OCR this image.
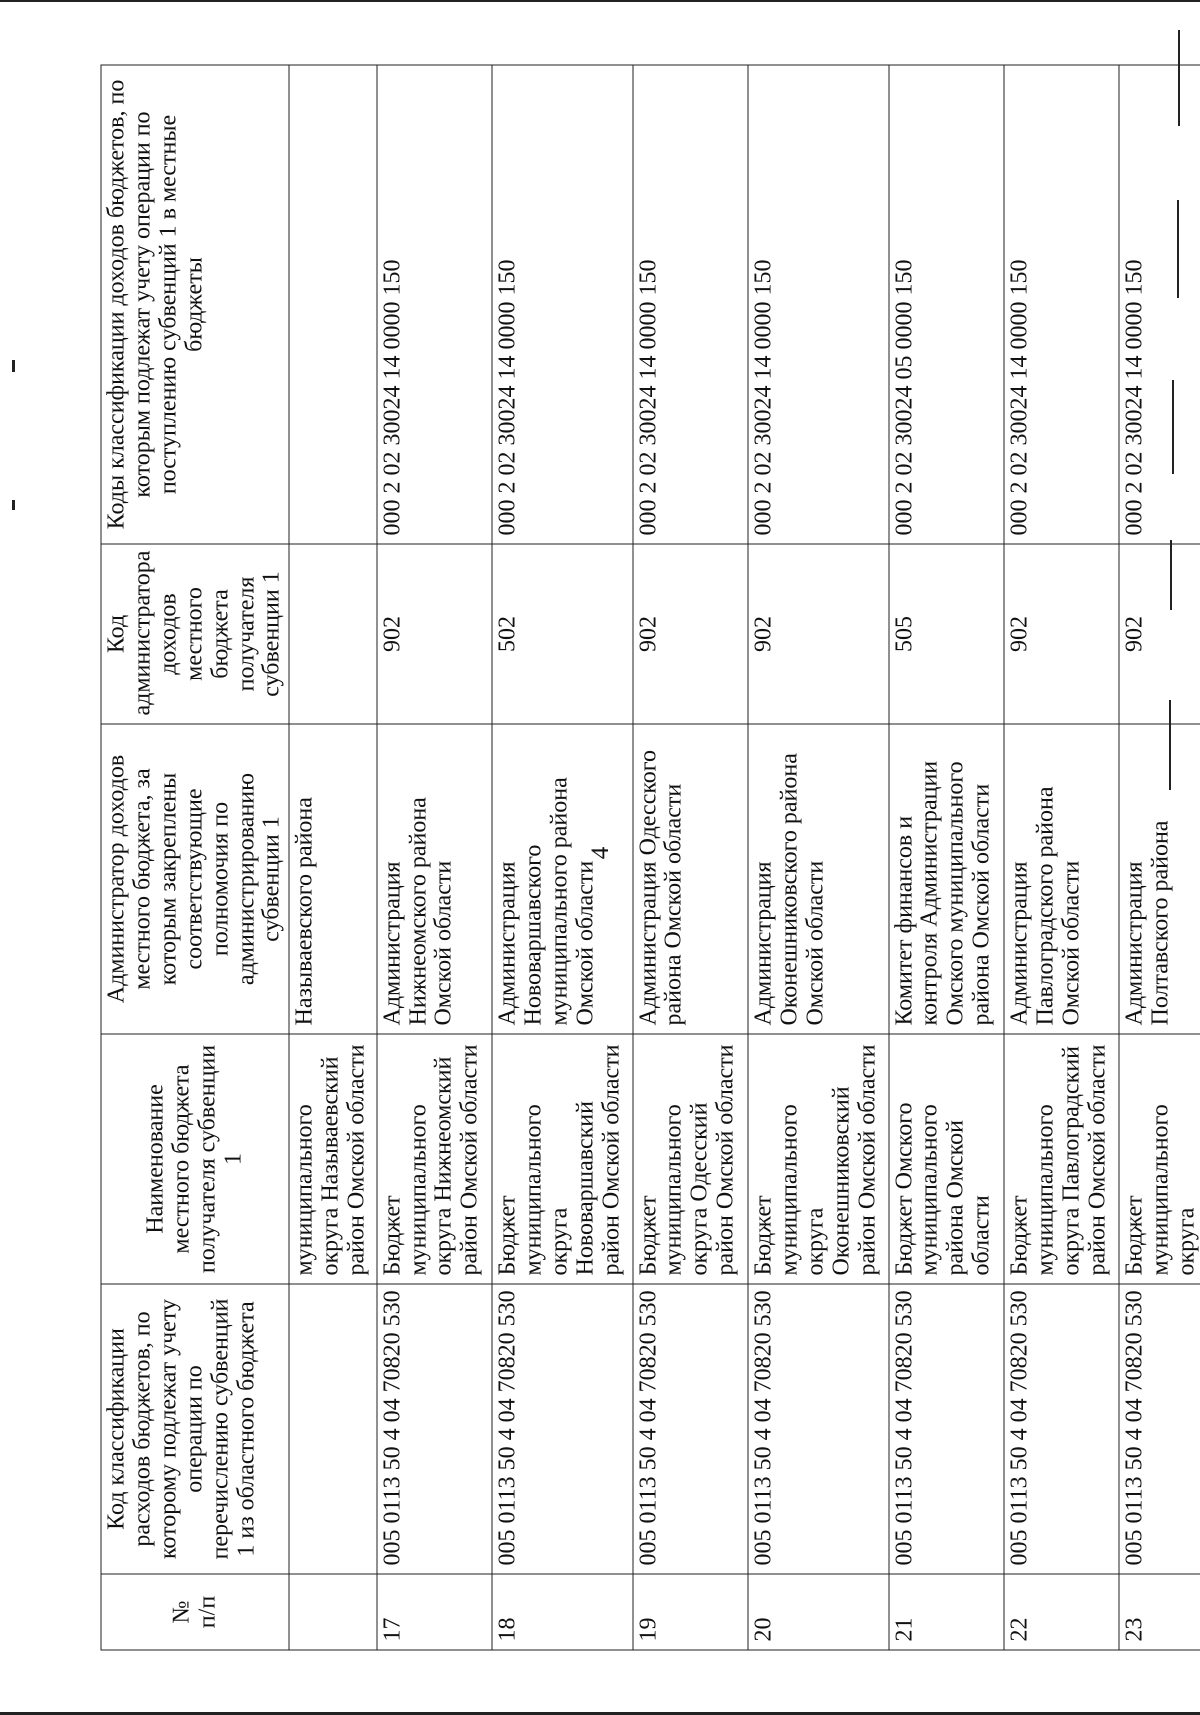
4
№
п/п	Код классификации расходов бюджетов, по которому подлежат учету операции по перечислению субвенций 1 из областного бюджета	Наименование местного бюджета получателя субвенции 1	Администратор доходов местного бюджета, за которым закреплены соответствующие полномочия по администрированию субвенции 1	Код администратора доходов местного бюджета получателя субвенции 1	Коды классификации доходов бюджетов, по которым подлежат учету операции по поступлению субвенций 1 в местные бюджеты
		муниципального округа Называевский район Омской области	Называевского района		
17	005 0113 50 4 04 70820 530	Бюджет муниципального округа Нижнеомский район Омской области	Администрация Нижнеомского района Омской области	902	000 2 02 30024 14 0000 150
18	005 0113 50 4 04 70820 530	Бюджет муниципального округа Нововаршавский район Омской области	Администрация Нововаршавского муниципального района Омской области	502	000 2 02 30024 14 0000 150
19	005 0113 50 4 04 70820 530	Бюджет муниципального округа Одесский район Омской области	Администрация Одесского района Омской области	902	000 2 02 30024 14 0000 150
20	005 0113 50 4 04 70820 530	Бюджет муниципального округа Оконешниковский район Омской области	Администрация Оконешниковского района Омской области	902	000 2 02 30024 14 0000 150
21	005 0113 50 4 04 70820 530	Бюджет Омского муниципального района Омской области	Комитет финансов и контроля Администрации Омского муниципального района Омской области	505	000 2 02 30024 05 0000 150
22	005 0113 50 4 04 70820 530	Бюджет муниципального округа Павлоградский район Омской области	Администрация Павлоградского района Омской области	902	000 2 02 30024 14 0000 150
23	005 0113 50 4 04 70820 530	Бюджет муниципального округа	Администрация Полтавского района	902	000 2 02 30024 14 0000 150
